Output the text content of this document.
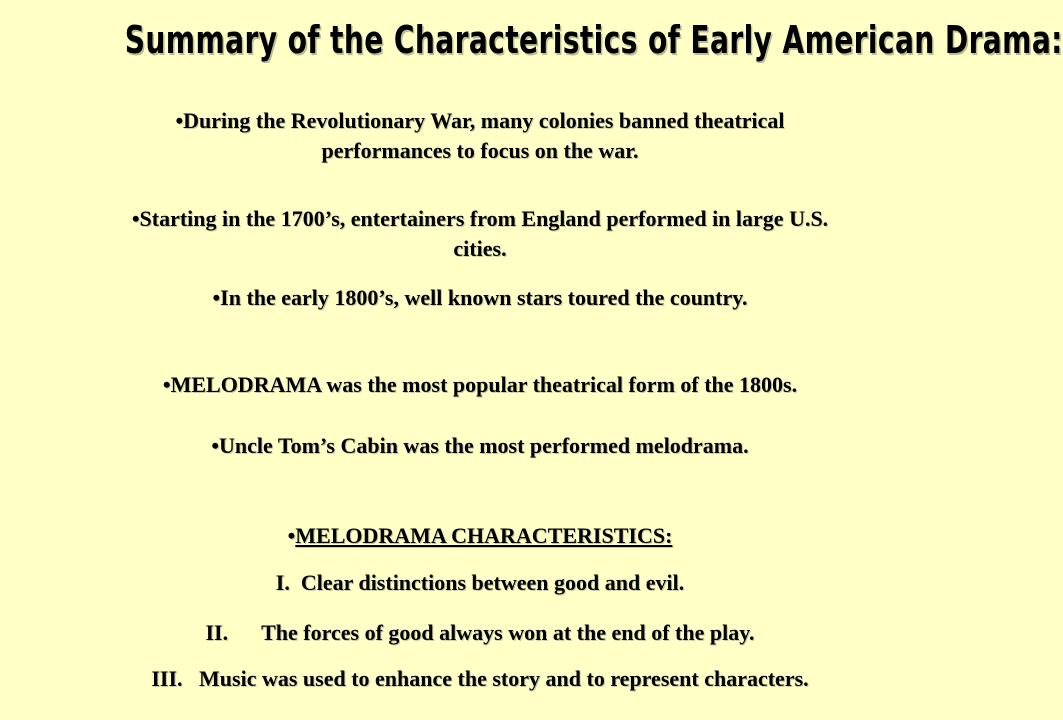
Summary of the Characteristics of Early American Drama:
•During the Revolutionary War, many colonies banned theatrical
performances to focus on the war.
•Starting in the 1700’s, entertainers from England performed in large U.S.
cities.
•In the early 1800’s, well known stars toured the country.
•MELODRAMA was the most popular theatrical form of the 1800s.
•Uncle Tom’s Cabin was the most performed melodrama.
•MELODRAMA CHARACTERISTICS:
I. Clear distinctions between good and evil.
II. The forces of good always won at the end of the play.
III. Music was used to enhance the story and to represent characters.
